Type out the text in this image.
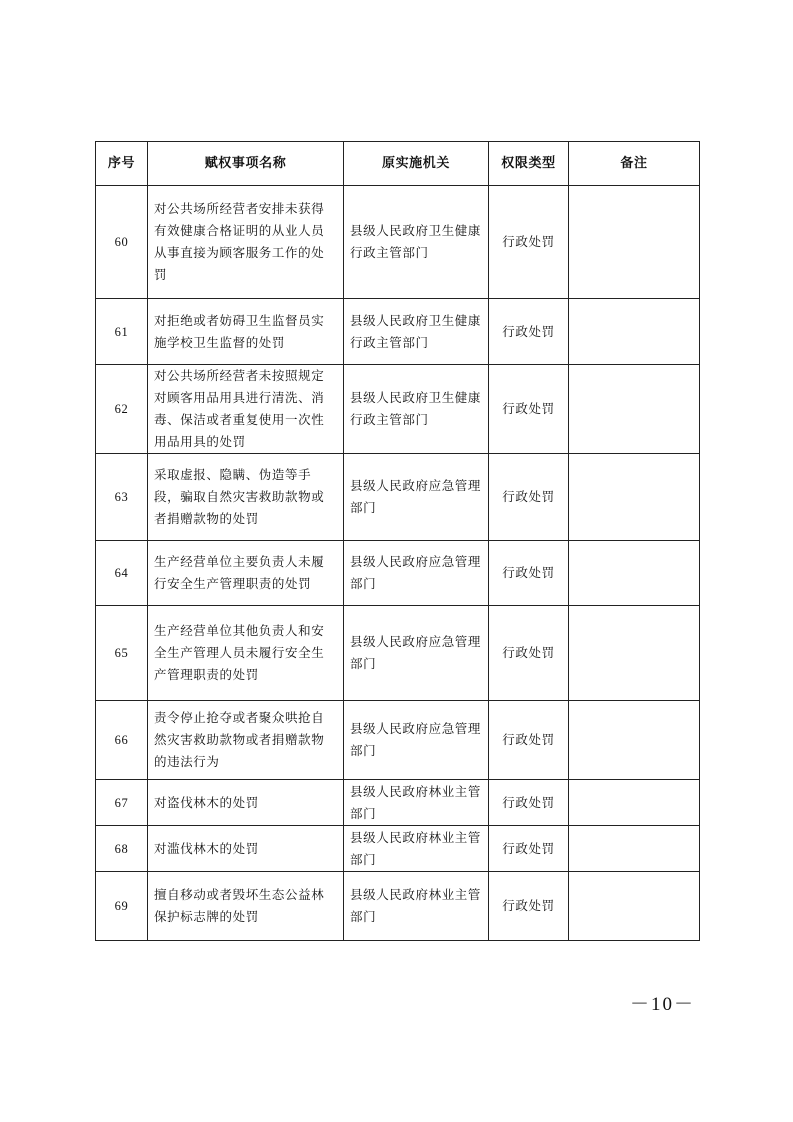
序号	赋权事项名称	原实施机关	权限类型	备注
60	对公共场所经营者安排未获得有效健康合格证明的从业人员从事直接为顾客服务工作的处罚	县级人民政府卫生健康行政主管部门	行政处罚	
61	对拒绝或者妨碍卫生监督员实施学校卫生监督的处罚	县级人民政府卫生健康行政主管部门	行政处罚	
62	对公共场所经营者未按照规定对顾客用品用具进行清洗、消毒、保洁或者重复使用一次性用品用具的处罚	县级人民政府卫生健康行政主管部门	行政处罚	
63	采取虚报、隐瞒、伪造等手段，骗取自然灾害救助款物或者捐赠款物的处罚	县级人民政府应急管理部门	行政处罚	
64	生产经营单位主要负责人未履行安全生产管理职责的处罚	县级人民政府应急管理部门	行政处罚	
65	生产经营单位其他负责人和安全生产管理人员未履行安全生产管理职责的处罚	县级人民政府应急管理部门	行政处罚	
66	责令停止抢夺或者聚众哄抢自然灾害救助款物或者捐赠款物的违法行为	县级人民政府应急管理部门	行政处罚	
67	对盗伐林木的处罚	县级人民政府林业主管部门	行政处罚	
68	对滥伐林木的处罚	县级人民政府林业主管部门	行政处罚	
69	擅自移动或者毁坏生态公益林保护标志牌的处罚	县级人民政府林业主管部门	行政处罚	
－10－
